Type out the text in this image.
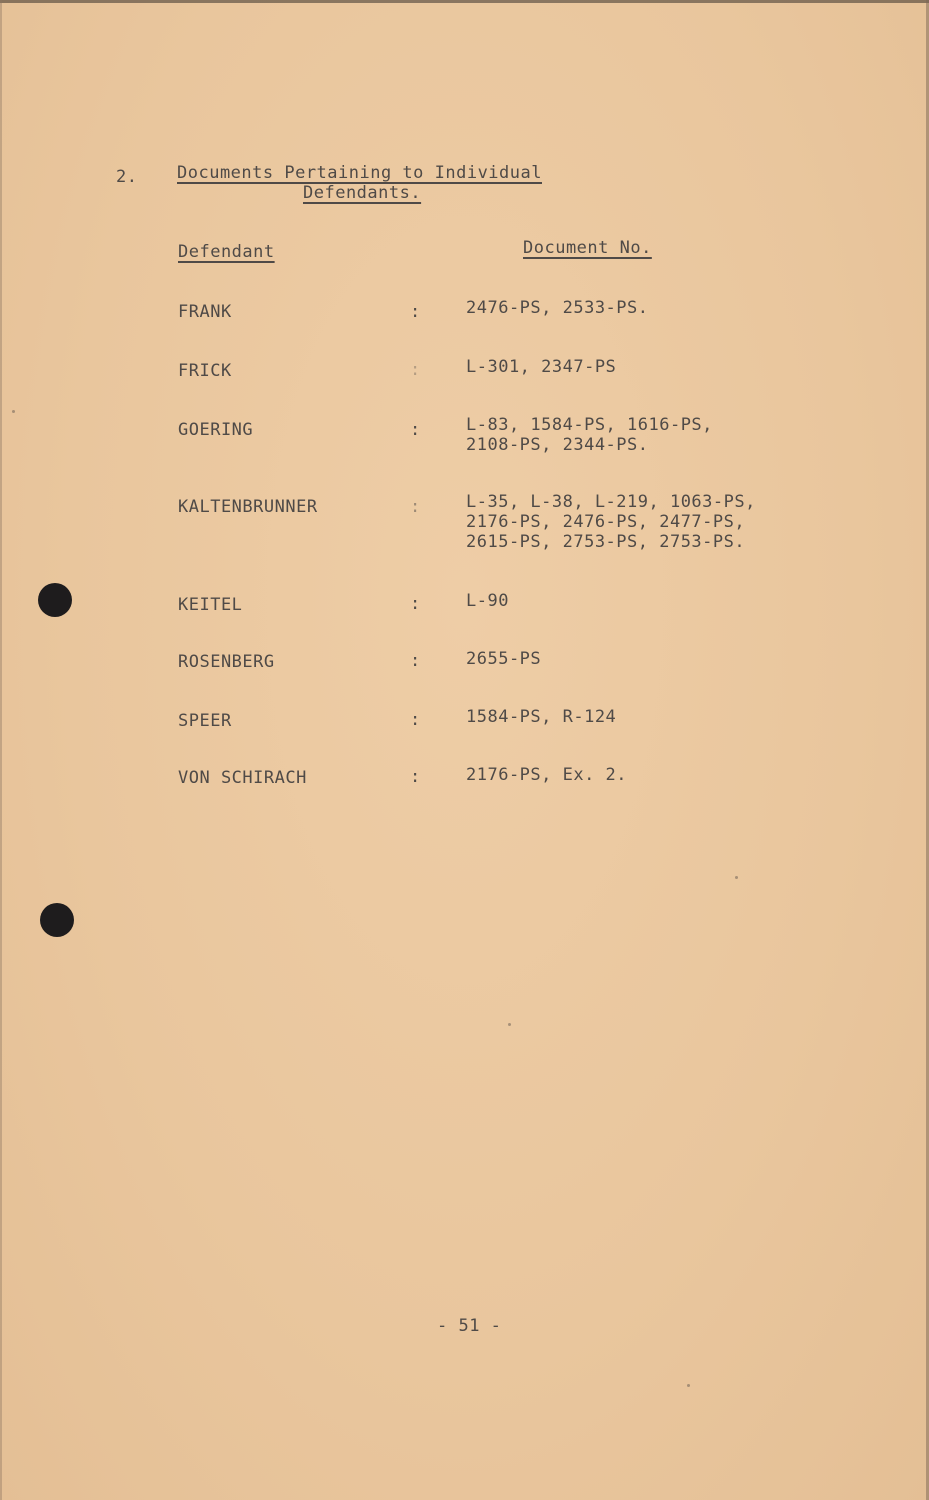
2. Documents Pertaining to Individual
Defendants.
Defendant	Document No.
FRANK	:	2476-PS, 2533-PS.
FRICK	:	L-301, 2347-PS
GOERING	:	L-83, 1584-PS, 1616-PS,
2108-PS, 2344-PS.
KALTENBRUNNER	:	L-35, L-38, L-219, 1063-PS,
2176-PS, 2476-PS, 2477-PS,
2615-PS, 2753-PS, 2753-PS.
KEITEL	:	L-90
ROSENBERG	:	2655-PS
SPEER	:	1584-PS, R-124
VON SCHIRACH	:	2176-PS, Ex. 2.
- 51 -
